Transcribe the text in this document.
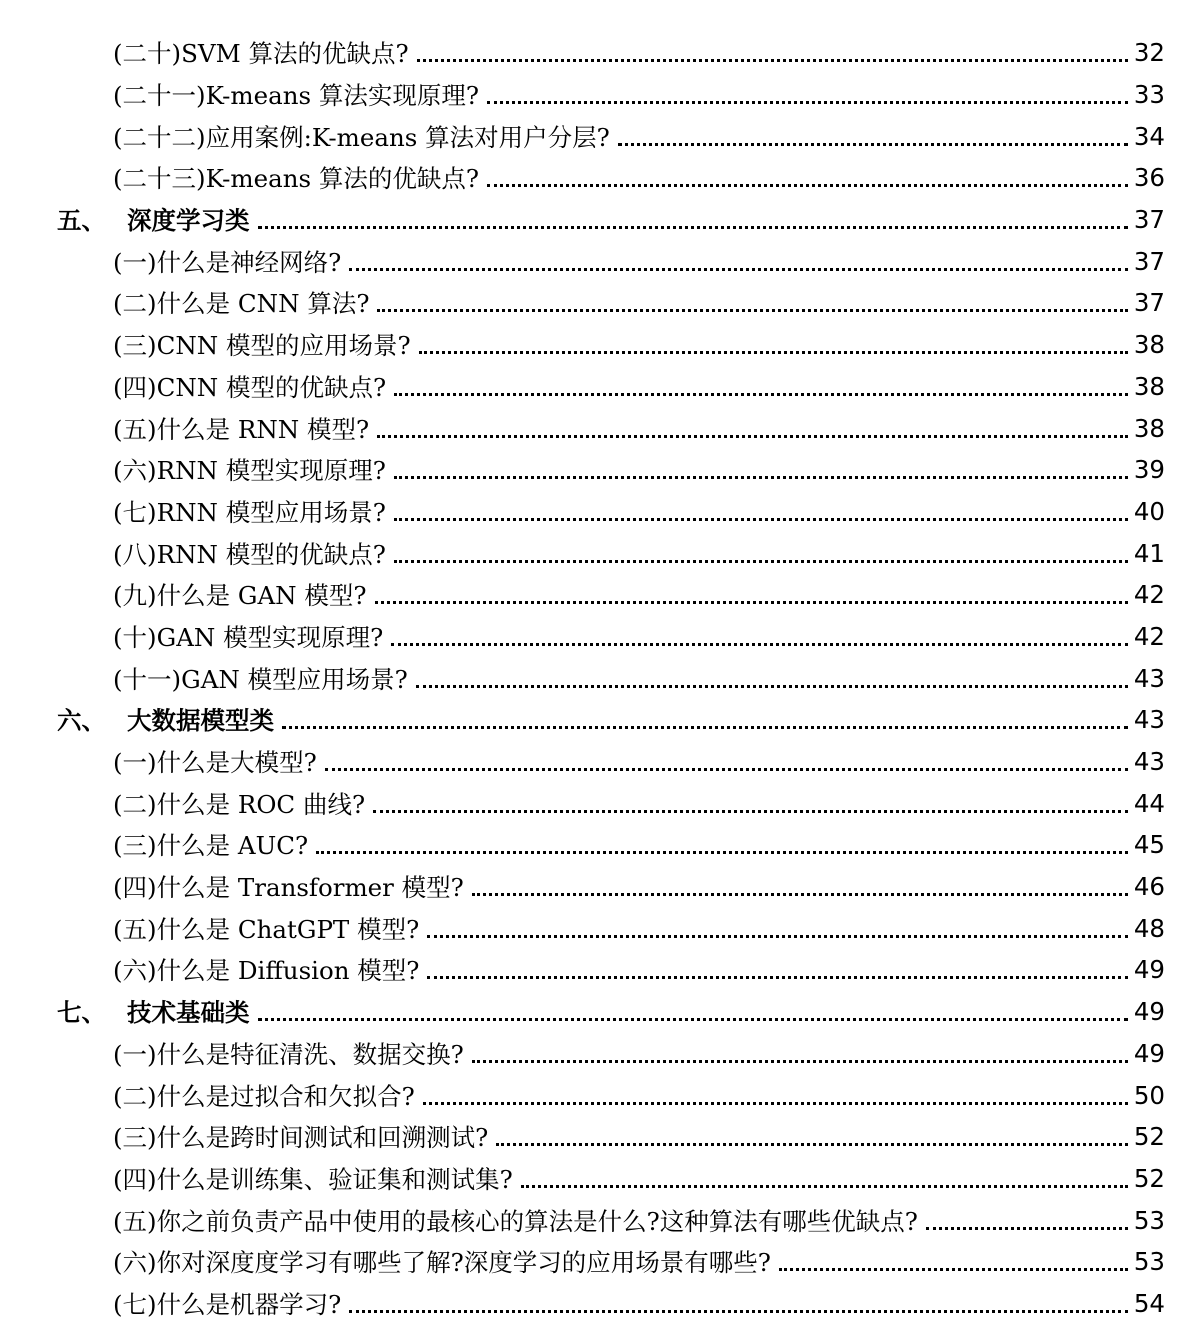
(二十)SVM 算法的优缺点?	32
(二十一)K-means 算法实现原理?	33
(二十二)应用案例:K-means 算法对用户分层?	34
(二十三)K-means 算法的优缺点?	36
五、 深度学习类	37
(一)什么是神经网络?	37
(二)什么是 CNN 算法?	37
(三)CNN 模型的应用场景?	38
(四)CNN 模型的优缺点?	38
(五)什么是 RNN 模型?	38
(六)RNN 模型实现原理?	39
(七)RNN 模型应用场景?	40
(八)RNN 模型的优缺点?	41
(九)什么是 GAN 模型?	42
(十)GAN 模型实现原理?	42
(十一)GAN 模型应用场景?	43
六、 大数据模型类	43
(一)什么是大模型?	43
(二)什么是 ROC 曲线?	44
(三)什么是 AUC?	45
(四)什么是 Transformer 模型?	46
(五)什么是 ChatGPT 模型?	48
(六)什么是 Diffusion 模型?	49
七、 技术基础类	49
(一)什么是特征清洗、数据交换?	49
(二)什么是过拟合和欠拟合?	50
(三)什么是跨时间测试和回溯测试?	52
(四)什么是训练集、验证集和测试集?	52
(五)你之前负责产品中使用的最核心的算法是什么?这种算法有哪些优缺点?	53
(六)你对深度度学习有哪些了解?深度学习的应用场景有哪些?	53
(七)什么是机器学习?	54
